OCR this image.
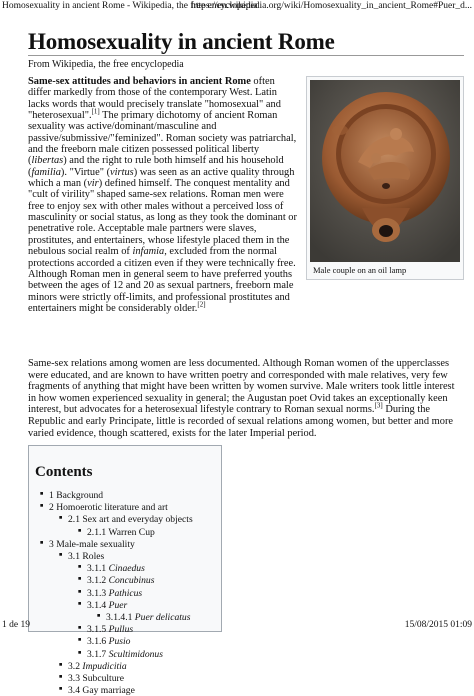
Homosexuality in ancient Rome - Wikipedia, the free encyclopedia
https://en.wikipedia.org/wiki/Homosexuality_in_ancient_Rome#Puer_d...
Homosexuality in ancient Rome
From Wikipedia, the free encyclopedia

Same-sex attitudes and behaviors in ancient Rome often differ markedly from those of the contemporary West. Latin lacks words that would precisely translate "homosexual" and "heterosexual".[1] The primary dichotomy of ancient Roman sexuality was active/dominant/masculine and passive/submissive/"feminized". Roman society was patriarchal, and the freeborn male citizen possessed political liberty (libertas) and the right to rule both himself and his household (familia). "Virtue" (virtus) was seen as an active quality through which a man (vir) defined himself. The conquest mentality and "cult of virility" shaped same-sex relations. Roman men were free to enjoy sex with other males without a perceived loss of masculinity or social status, as long as they took the dominant or penetrative role. Acceptable male partners were slaves, prostitutes, and entertainers, whose lifestyle placed them in the nebulous social realm of infamia, excluded from the normal protections accorded a citizen even if they were technically free. Although Roman men in general seem to have preferred youths between the ages of 12 and 20 as sexual partners, freeborn male minors were strictly off-limits, and professional prostitutes and entertainers might be considerably older.[2]

Male couple on an oil lamp

Same-sex relations among women are less documented. Although Roman women of the upperclasses were educated, and are known to have written poetry and corresponded with male relatives, very few fragments of anything that might have been written by women survive. Male writers took little interest in how women experienced sexuality in general; the Augustan poet Ovid takes an exceptionally keen interest, but advocates for a heterosexual lifestyle contrary to Roman sexual norms.[3] During the Republic and early Principate, little is recorded of sexual relations among women, but better and more varied evidence, though scattered, exists for the later Imperial period.

Contents
■ 1 Background
■ 2 Homoerotic literature and art
■ 2.1 Sex art and everyday objects
■ 2.1.1 Warren Cup
■ 3 Male-male sexuality
■ 3.1 Roles
■ 3.1.1 Cinaedus
■ 3.1.2 Concubinus
■ 3.1.3 Pathicus
■ 3.1.4 Puer
■ 3.1.4.1 Puer delicatus
■ 3.1.5 Pullus
■ 3.1.6 Pusio
■ 3.1.7 Scultimidonus
■ 3.2 Impudicitia
■ 3.3 Subculture
■ 3.4 Gay marriage
1 de 19	15/08/2015 01:09
